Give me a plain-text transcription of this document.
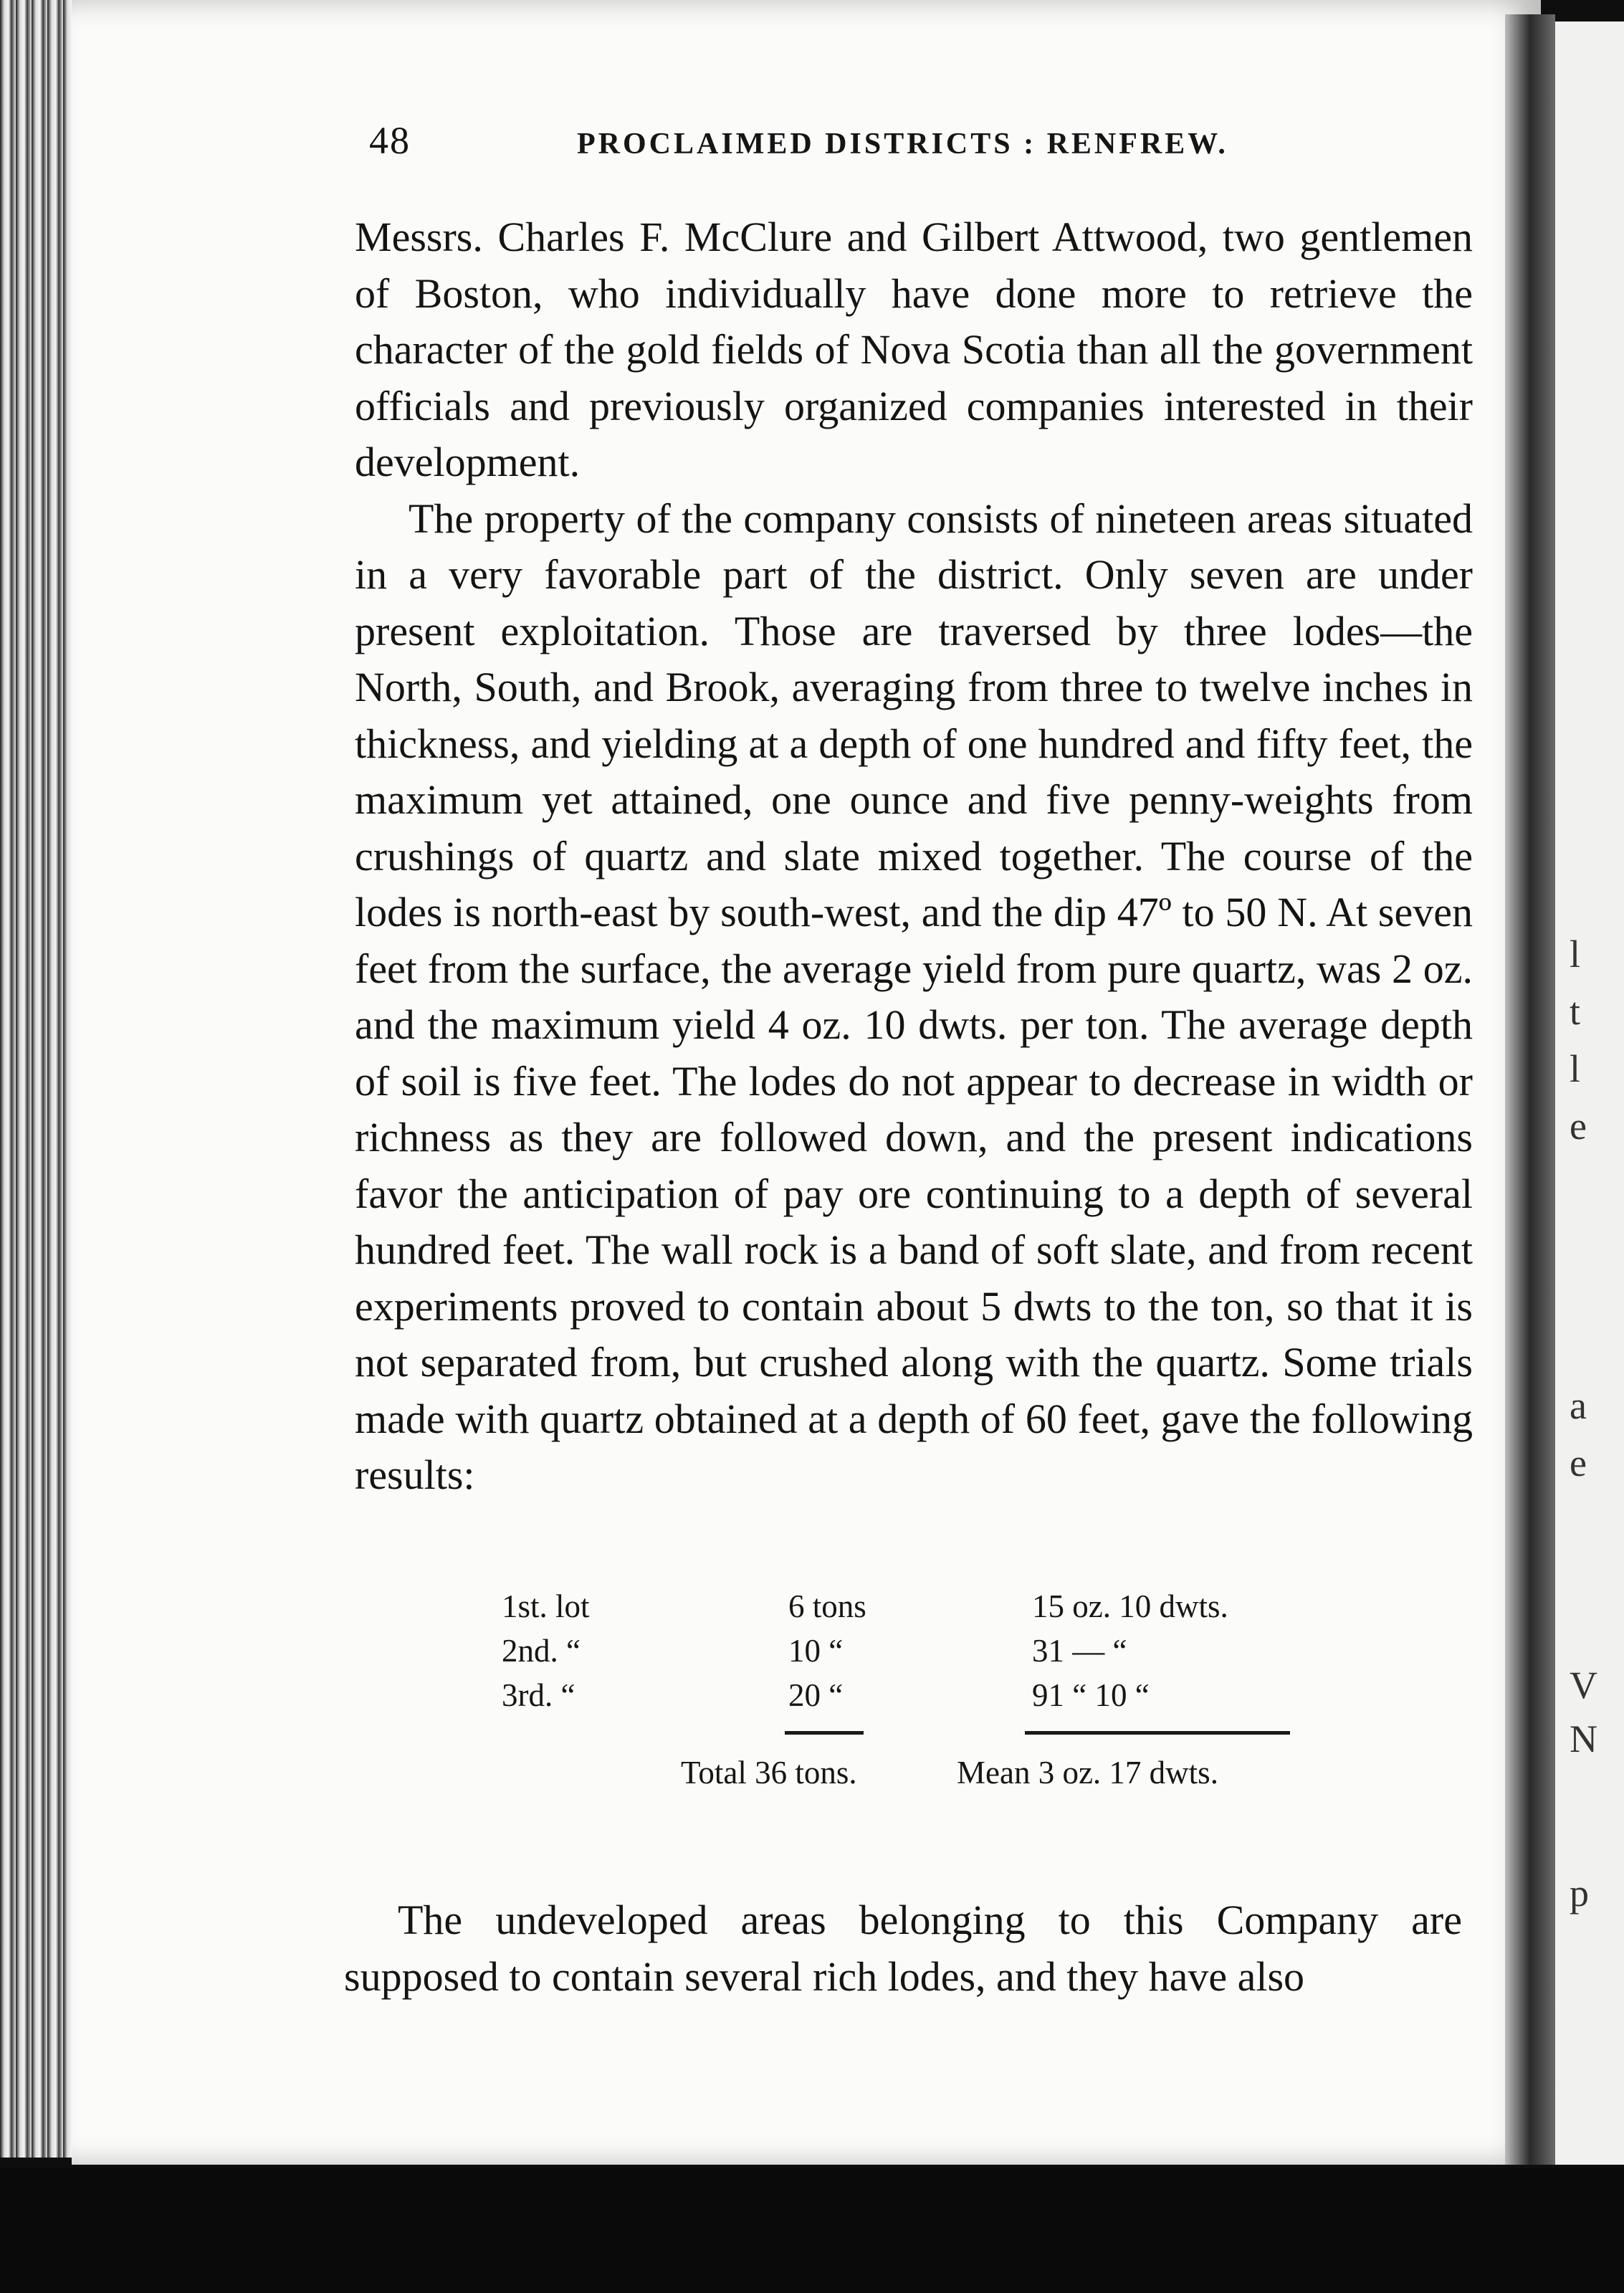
l
t
l
e
a
e
V
N
p
48	PROCLAIMED DISTRICTS : RENFREW.

Messrs. Charles F. McClure and Gilbert Attwood, two gentlemen of Boston, who individually have done more to retrieve the character of the gold fields of Nova Scotia than all the government officials and previously organized companies interested in their development.

The property of the company consists of nineteen areas situated in a very favorable part of the district. Only seven are under present exploitation. Those are traversed by three lodes—the North, South, and Brook, averaging from three to twelve inches in thickness, and yielding at a depth of one hundred and fifty feet, the maximum yet attained, one ounce and five penny-weights from crushings of quartz and slate mixed together. The course of the lodes is north-east by south-west, and the dip 47º to 50 N. At seven feet from the surface, the average yield from pure quartz, was 2 oz. and the maximum yield 4 oz. 10 dwts. per ton. The average depth of soil is five feet. The lodes do not appear to decrease in width or richness as they are followed down, and the present indications favor the anticipation of pay ore continuing to a depth of several hundred feet. The wall rock is a band of soft slate, and from recent experiments proved to contain about 5 dwts to the ton, so that it is not separated from, but crushed along with the quartz. Some trials made with quartz obtained at a depth of 60 feet, gave the following results:

1st. lot	6 tons	15 oz. 10 dwts.
2nd. “	10 “	31 — “
3rd. “	20 “	91 “ 10 “
Total 36 tons.	Mean 3 oz. 17 dwts.

The undeveloped areas belonging to this Company are supposed to contain several rich lodes, and they have also
